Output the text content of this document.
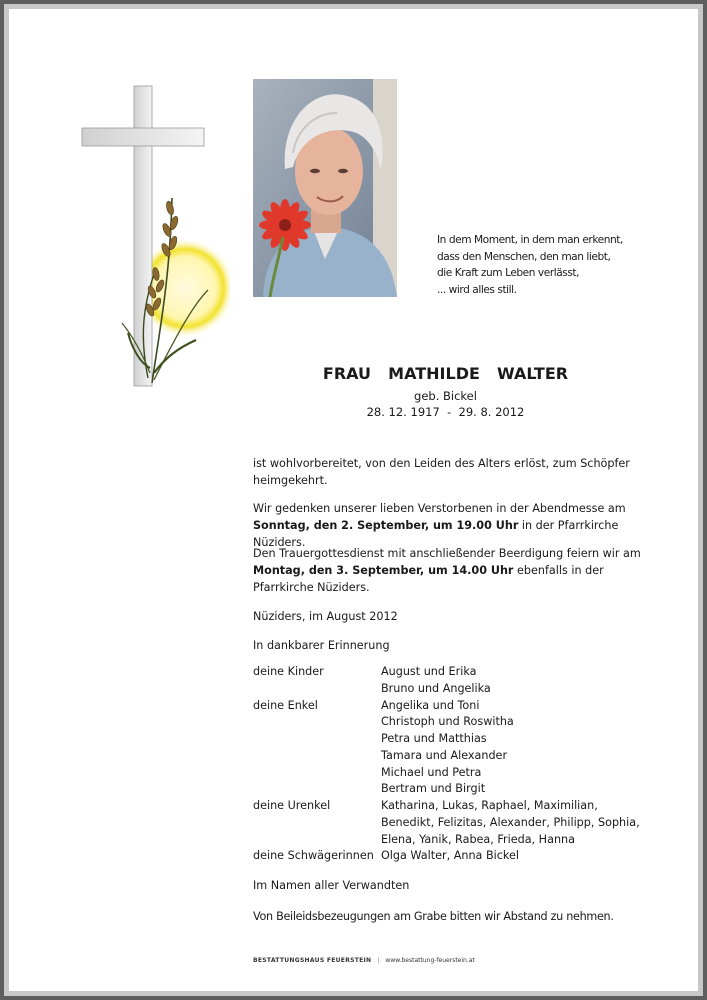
In dem Moment, in dem man erkennt,
dass den Menschen, den man liebt,
die Kraft zum Leben verlässt,
... wird alles still.
FRAU  MATHILDE  WALTER
geb. Bickel
28. 12. 1917  -  29. 8. 2012
ist wohlvorbereitet, von den Leiden des Alters erlöst, zum Schöpfer heimgekehrt.
Wir gedenken unserer lieben Verstorbenen in der Abendmesse am Sonntag, den 2. September, um 19.00 Uhr in der Pfarrkirche Nüziders.
Den Trauergottesdienst mit anschließender Beerdigung feiern wir am Montag, den 3. September, um 14.00 Uhr ebenfalls in der Pfarrkirche Nüziders.
Nüziders, im August 2012
In dankbarer Erinnerung
deine Kinder	August und Erika
Bruno und Angelika
deine Enkel	Angelika und Toni
Christoph und Roswitha
Petra und Matthias
Tamara und Alexander
Michael und Petra
Bertram und Birgit
deine Urenkel	Katharina, Lukas, Raphael, Maximilian,
Benedikt, Felizitas, Alexander, Philipp, Sophia,
Elena, Yanik, Rabea, Frieda, Hanna
deine Schwägerinnen Olga Walter, Anna Bickel
Im Namen aller Verwandten
Von Beileidsbezeugungen am Grabe bitten wir Abstand zu nehmen.
BESTATTUNGSHAUS FEUERSTEIN | www.bestattung-feuerstein.at
